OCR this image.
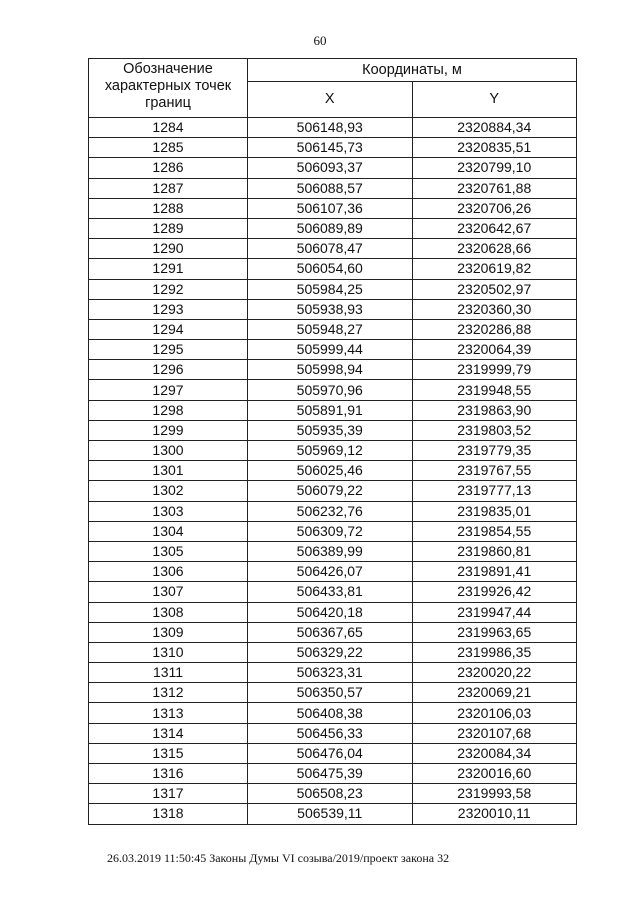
60
Обозначение
характерных точек
границ	Координаты, м	
	X	Y
1284	506148,93	2320884,34
1285	506145,73	2320835,51
1286	506093,37	2320799,10
1287	506088,57	2320761,88
1288	506107,36	2320706,26
1289	506089,89	2320642,67
1290	506078,47	2320628,66
1291	506054,60	2320619,82
1292	505984,25	2320502,97
1293	505938,93	2320360,30
1294	505948,27	2320286,88
1295	505999,44	2320064,39
1296	505998,94	2319999,79
1297	505970,96	2319948,55
1298	505891,91	2319863,90
1299	505935,39	2319803,52
1300	505969,12	2319779,35
1301	506025,46	2319767,55
1302	506079,22	2319777,13
1303	506232,76	2319835,01
1304	506309,72	2319854,55
1305	506389,99	2319860,81
1306	506426,07	2319891,41
1307	506433,81	2319926,42
1308	506420,18	2319947,44
1309	506367,65	2319963,65
1310	506329,22	2319986,35
1311	506323,31	2320020,22
1312	506350,57	2320069,21
1313	506408,38	2320106,03
1314	506456,33	2320107,68
1315	506476,04	2320084,34
1316	506475,39	2320016,60
1317	506508,23	2319993,58
1318	506539,11	2320010,11
26.03.2019 11:50:45 Законы Думы VI созыва/2019/проект закона 32
